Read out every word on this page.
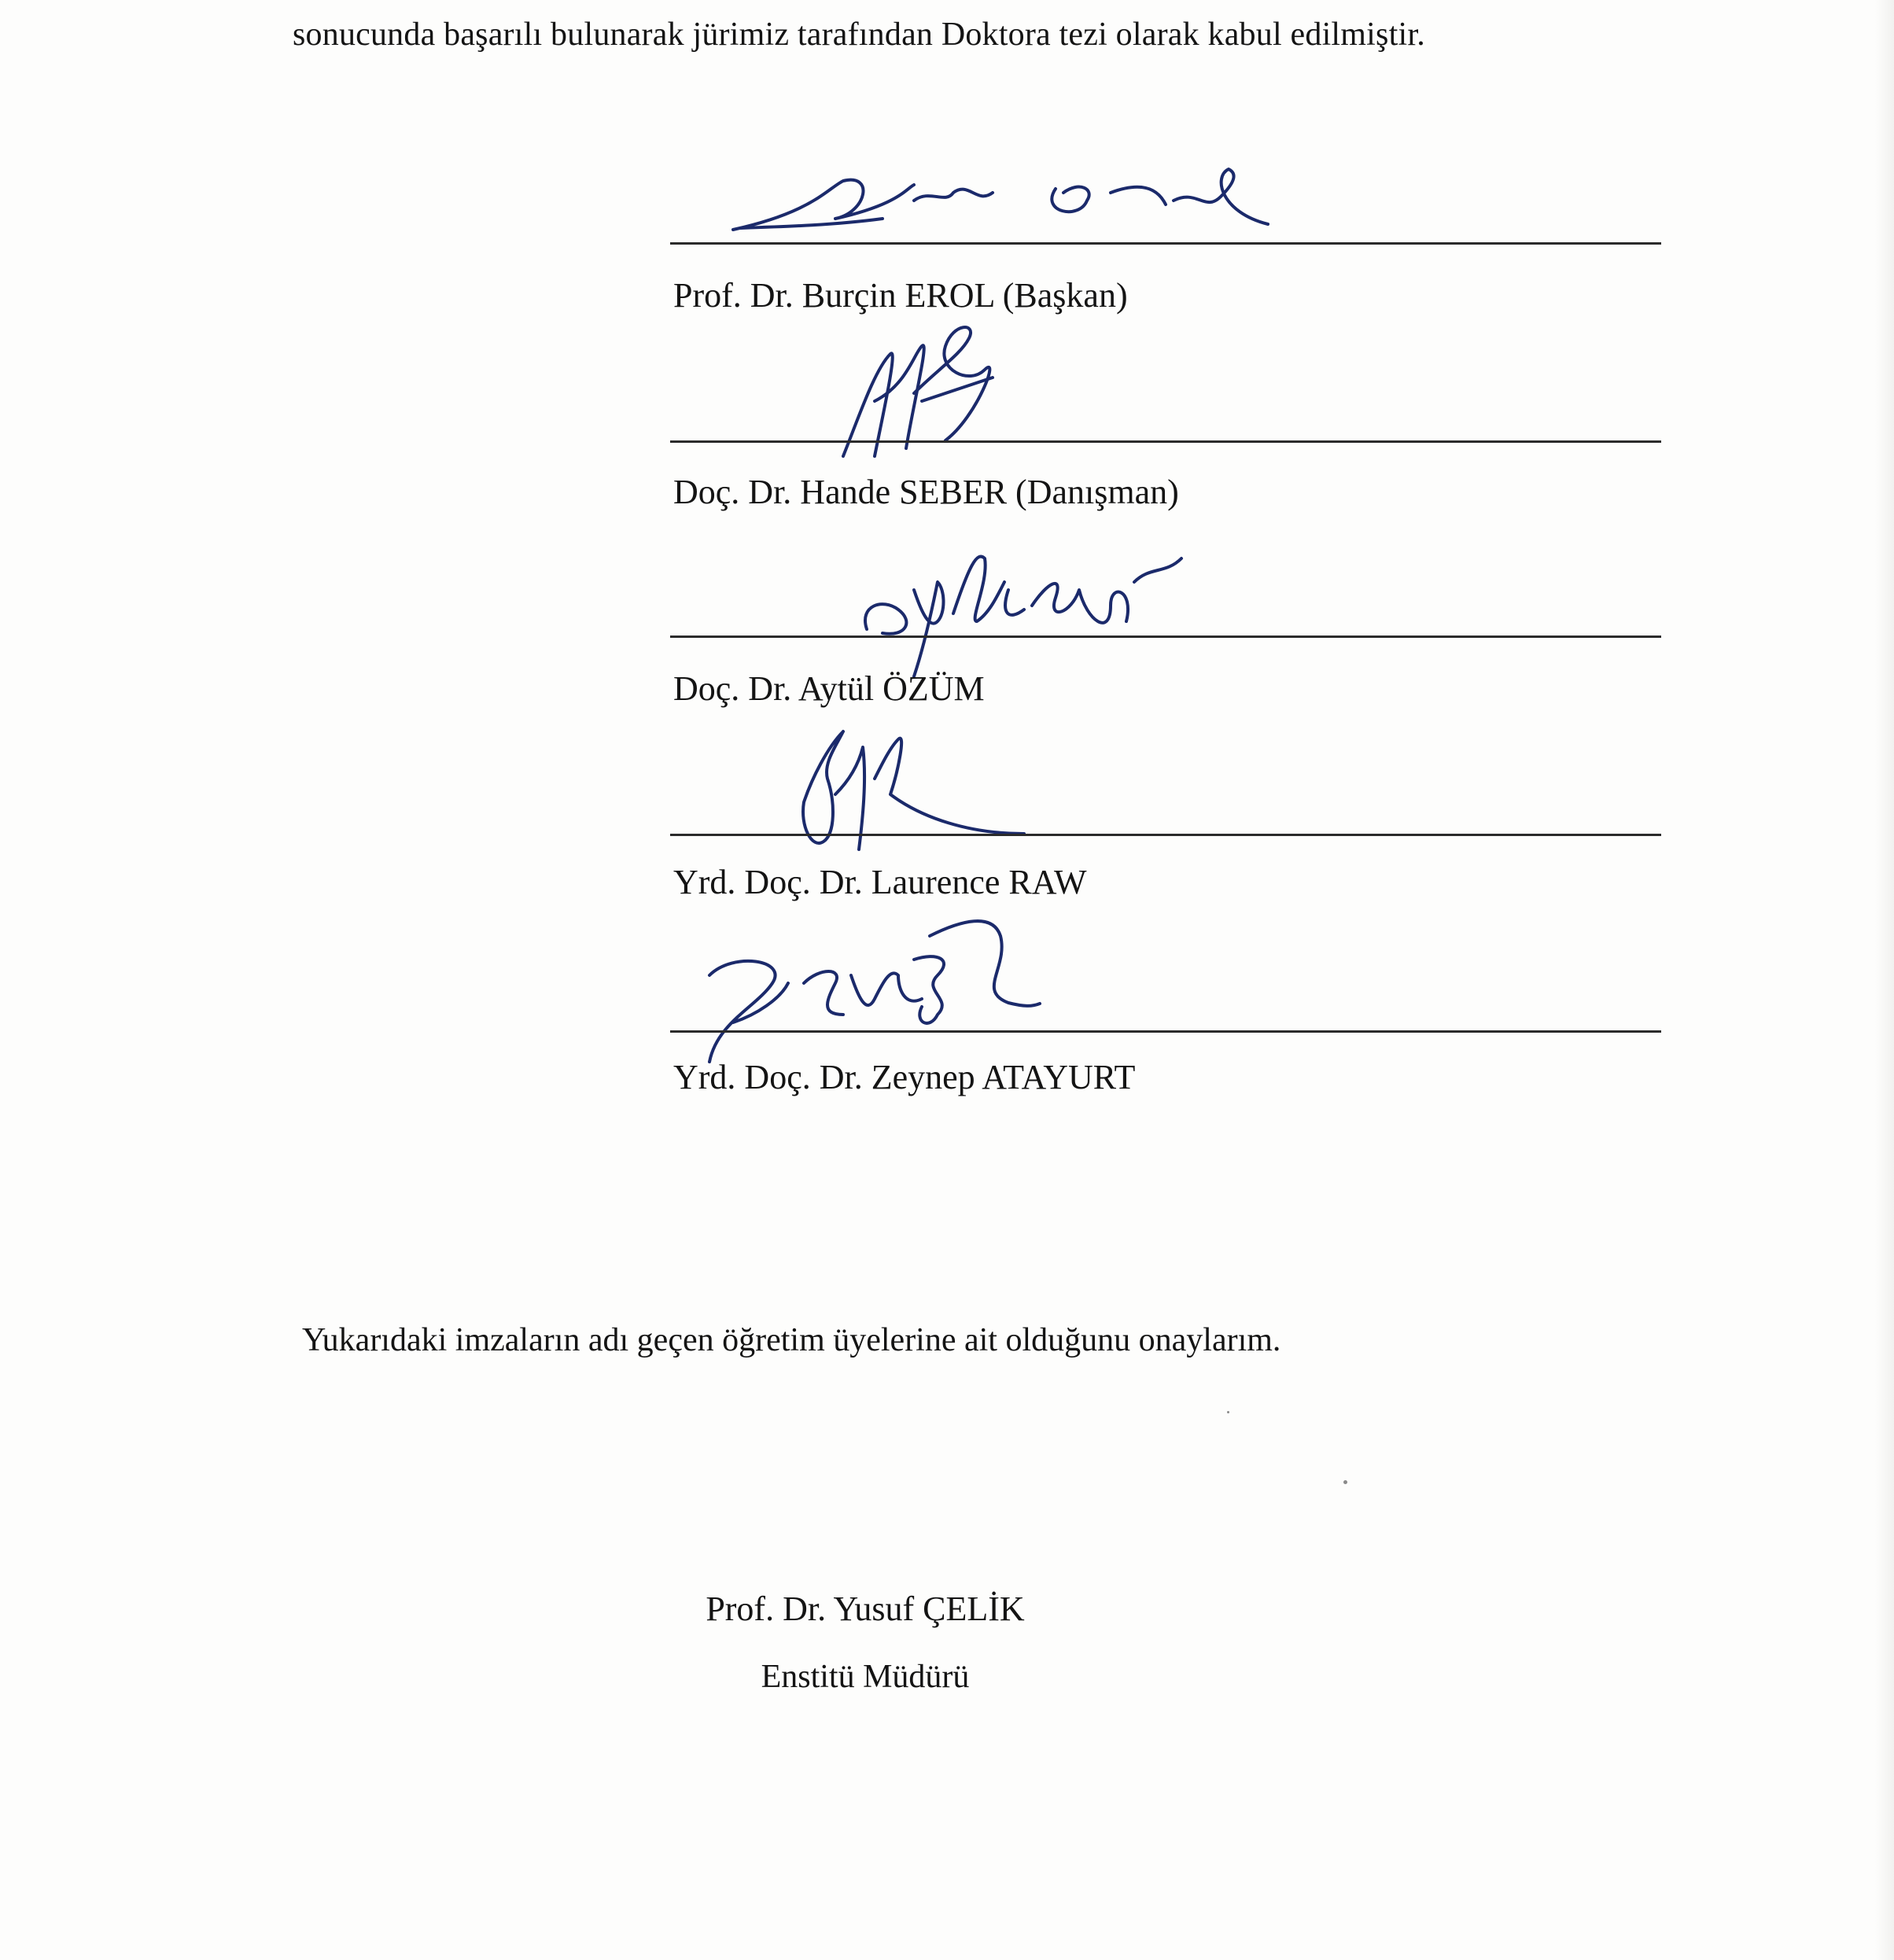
sonucunda başarılı bulunarak jürimiz tarafından Doktora tezi olarak kabul edilmiştir.
Prof. Dr. Burçin EROL (Başkan)
Doç. Dr. Hande SEBER (Danışman)
Doç. Dr. Aytül ÖZÜM
Yrd. Doç. Dr. Laurence RAW
Yrd. Doç. Dr. Zeynep ATAYURT
Yukarıdaki imzaların adı geçen öğretim üyelerine ait olduğunu onaylarım.
Prof. Dr. Yusuf ÇELİK
Enstitü Müdürü
